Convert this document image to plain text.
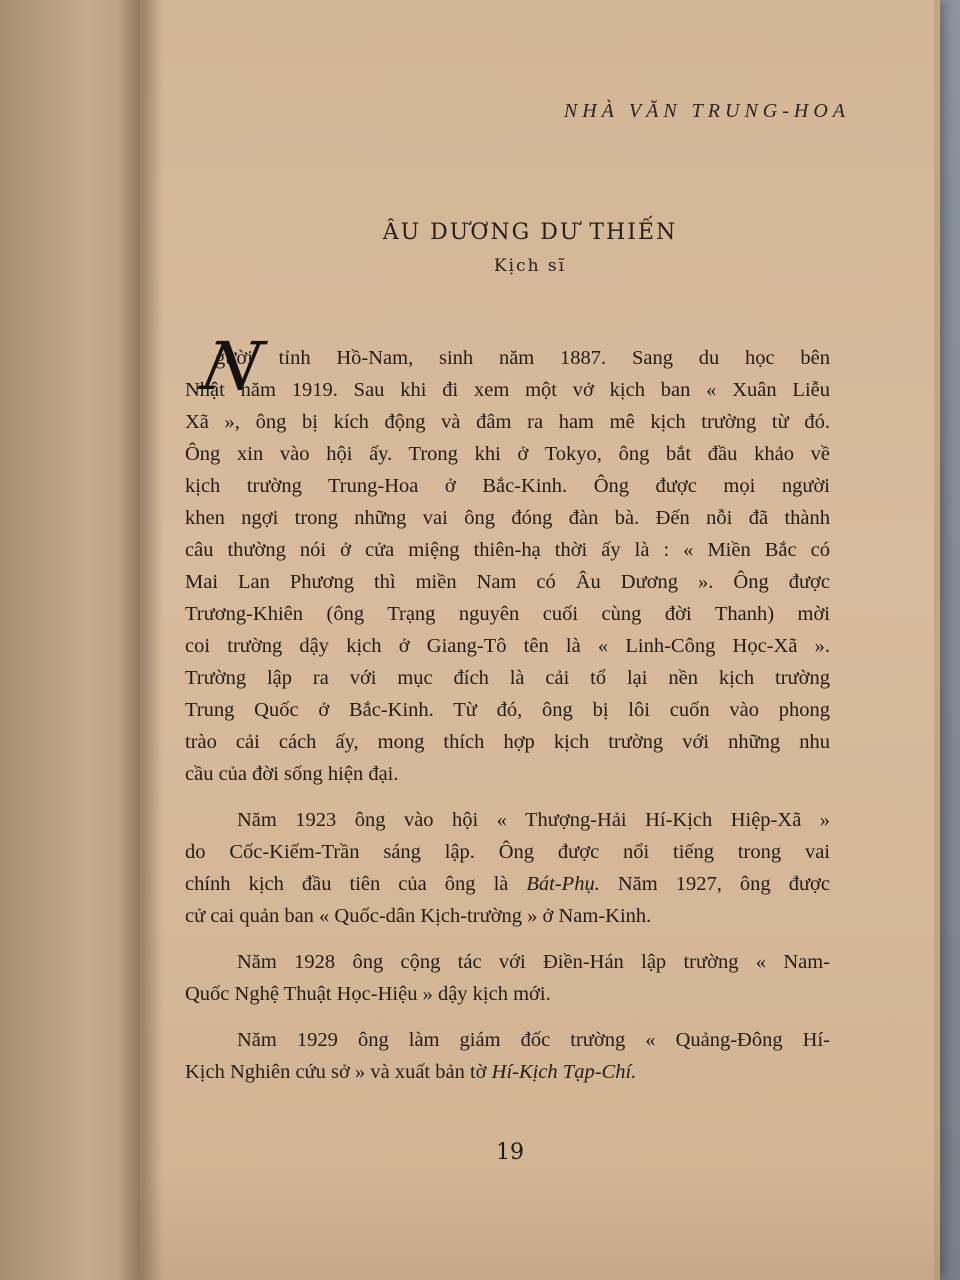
NHÀ VĂN TRUNG-HOA
ÂU DƯƠNG DƯ THIẾN
Kịch sĩ
N
gười tỉnh Hồ-Nam, sinh năm 1887. Sang du học bên
Nhật năm 1919. Sau khi đi xem một vở kịch ban « Xuân Liễu
Xã », ông bị kích động và đâm ra ham mê kịch trường từ đó.
Ông xin vào hội ấy. Trong khi ở Tokyo, ông bắt đầu khảo về
kịch trường Trung-Hoa ở Bắc-Kinh. Ông được mọi người
khen ngợi trong những vai ông đóng đàn bà. Đến nỗi đã thành
câu thường nói ở cửa miệng thiên-hạ thời ấy là : « Miền Bắc có
Mai Lan Phương thì miền Nam có Âu Dương ». Ông được
Trương-Khiên (ông Trạng nguyên cuối cùng đời Thanh) mời
coi trường dậy kịch ở Giang-Tô tên là « Linh-Công Học-Xã ».
Trường lập ra với mục đích là cải tổ lại nền kịch trường
Trung Quốc ở Bắc-Kinh. Từ đó, ông bị lôi cuốn vào phong
trào cải cách ấy, mong thích hợp kịch trường với những nhu
cầu của đời sống hiện đại.
Năm 1923 ông vào hội « Thượng-Hải Hí-Kịch Hiệp-Xã »
do Cốc-Kiếm-Trần sáng lập. Ông được nổi tiếng trong vai
chính kịch đầu tiên của ông là Bát-Phụ. Năm 1927, ông được
cử cai quản ban « Quốc-dân Kịch-trường » ở Nam-Kinh.
Năm 1928 ông cộng tác với Điền-Hán lập trường « Nam-
Quốc Nghệ Thuật Học-Hiệu » dậy kịch mới.
Năm 1929 ông làm giám đốc trường « Quảng-Đông Hí-
Kịch Nghiên cứu sở » và xuất bản tờ Hí-Kịch Tạp-Chí.
19
